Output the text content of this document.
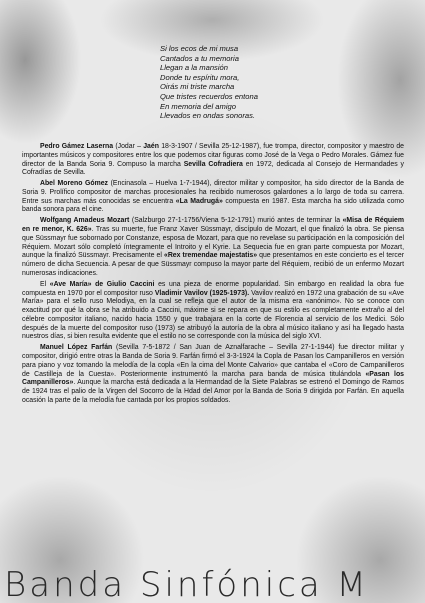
Si los ecos de mi musa
Cantados a tu memoria
Llegan a la mansión
Donde tu espíritu mora,
Oirás mi triste marcha
Que tristes recuerdos entona
En memoria del amigo
Llevados en ondas sonoras.

Pedro Gámez Laserna (Jodar – Jaén 18-3-1907 / Sevilla 25-12-1987), fue trompa, director, compositor y maestro de importantes músicos y compositores entre los que podemos citar figuras como José de la Vega o Pedro Morales. Gámez fue director de la Banda Soria 9. Compuso la marcha Sevilla Cofradiera en 1972, dedicada al Consejo de Hermandades y Cofradías de Sevilla.

Abel Moreno Gómez (Encinasola – Huelva 1-7-1944), director militar y compositor, ha sido director de la Banda de Soria 9. Prolífico compositor de marchas procesionales ha recibido numerosos galardones a lo largo de toda su carrera. Entre sus marchas más conocidas se encuentra «La Madrugá» compuesta en 1987. Esta marcha ha sido utilizada como banda sonora para el cine.

Wolfgang Amadeus Mozart (Salzburgo 27-1-1756/Viena 5-12-1791) murió antes de terminar la «Misa de Réquiem en re menor, K. 626». Tras su muerte, fue Franz Xaver Süssmayr, discípulo de Mozart, el que finalizó la obra. Se piensa que Süssmayr fue sobornado por Constanze, esposa de Mozart, para que no revelase su participación en la composición del Réquiem. Mozart sólo completó íntegramente el Introito y el Kyrie. La Sequecia fue en gran parte compuesta por Mozart, aunque la finalizó Süssmayr. Precisamente el «Rex tremendae majestatis» que presentamos en este concierto es el tercer número de dicha Secuencia. A pesar de que Süssmayr compuso la mayor parte del Réquiem, recibió de un enfermo Mozart numerosas indicaciones.

El «Ave María» de Giulio Caccini es una pieza de enorme popularidad. Sin embargo en realidad la obra fue compuesta en 1970 por el compositor ruso Vladimir Vavilov (1925-1973). Vavilov realizó en 1972 una grabación de su «Ave María» para el sello ruso Melodiya, en la cual se refleja que el autor de la misma era «anónimo». No se conoce con exactitud por qué la obra se ha atribuido a Caccini, máxime si se repara en que su estilo es completamente extraño al del célebre compositor italiano, nacido hacia 1550 y que trabajara en la corte de Florencia al servicio de los Medici. Sólo después de la muerte del compositor ruso (1973) se atribuyó la autoría de la obra al músico italiano y así ha llegado hasta nuestros días, si bien resulta evidente que el estilo no se corresponde con la música del siglo XVI.

Manuel López Farfán (Sevilla 7-5-1872 / San Juan de Aznalfarache – Sevilla 27-1-1944) fue director militar y compositor, dirigió entre otras la Banda de Soria 9. Farfán firmó el 3-3-1924 la Copla de Pasan los Campanilleros en versión para piano y voz tomando la melodía de la copla «En la cima del Monte Calvario» que cantaba el «Coro de Campanilleros de Castilleja de la Cuesta». Posteriormente instrumentó la marcha para banda de música titulándola «Pasan los Campanilleros». Aunque la marcha está dedicada a la Hermandad de la Siete Palabras se estrenó el Domingo de Ramos de 1924 tras el palio de la Virgen del Socorro de la Hdad del Amor por la Banda de Soria 9 dirigida por Farfán. En aquella ocasión la parte de la melodía fue cantada por los propios soldados.

Banda Sinfónica M
